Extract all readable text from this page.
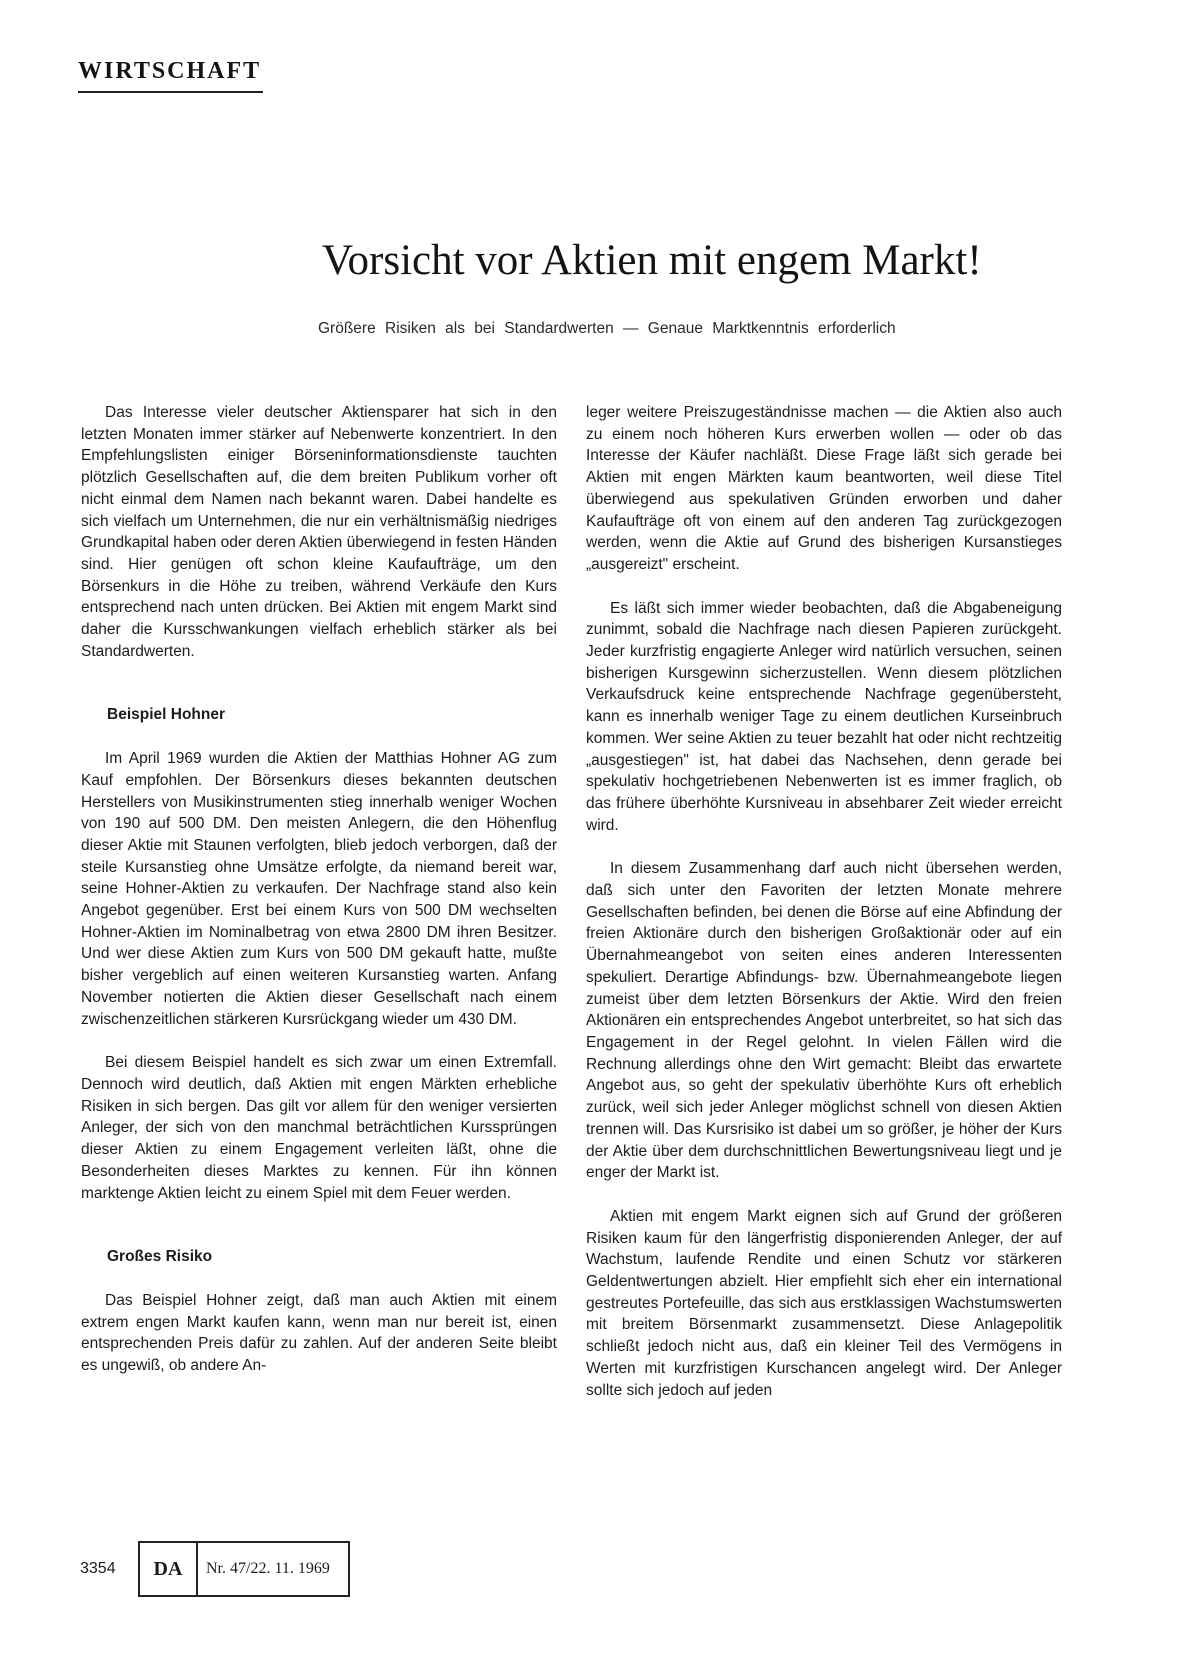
WIRTSCHAFT
Vorsicht vor Aktien mit engem Markt!
Größere Risiken als bei Standardwerten — Genaue Marktkenntnis erforderlich

Das Interesse vieler deutscher Aktiensparer hat sich in den letzten Monaten immer stärker auf Nebenwerte konzentriert. In den Empfehlungslisten einiger Börseninformationsdienste tauchten plötzlich Gesellschaften auf, die dem breiten Publikum vorher oft nicht einmal dem Namen nach bekannt waren. Dabei handelte es sich vielfach um Unternehmen, die nur ein verhältnismäßig niedriges Grundkapital haben oder deren Aktien überwiegend in festen Händen sind. Hier genügen oft schon kleine Kaufaufträge, um den Börsenkurs in die Höhe zu treiben, während Verkäufe den Kurs entsprechend nach unten drücken. Bei Aktien mit engem Markt sind daher die Kursschwankungen vielfach erheblich stärker als bei Standardwerten.

Beispiel Hohner

Im April 1969 wurden die Aktien der Matthias Hohner AG zum Kauf empfohlen. Der Börsenkurs dieses bekannten deutschen Herstellers von Musikinstrumenten stieg innerhalb weniger Wochen von 190 auf 500 DM. Den meisten Anlegern, die den Höhenflug dieser Aktie mit Staunen verfolgten, blieb jedoch verborgen, daß der steile Kursanstieg ohne Umsätze erfolgte, da niemand bereit war, seine Hohner-Aktien zu verkaufen. Der Nachfrage stand also kein Angebot gegenüber. Erst bei einem Kurs von 500 DM wechselten Hohner-Aktien im Nominalbetrag von etwa 2800 DM ihren Besitzer. Und wer diese Aktien zum Kurs von 500 DM gekauft hatte, mußte bisher vergeblich auf einen weiteren Kursanstieg warten. Anfang November notierten die Aktien dieser Gesellschaft nach einem zwischenzeitlichen stärkeren Kursrückgang wieder um 430 DM.

Bei diesem Beispiel handelt es sich zwar um einen Extremfall. Dennoch wird deutlich, daß Aktien mit engen Märkten erhebliche Risiken in sich bergen. Das gilt vor allem für den weniger versierten Anleger, der sich von den manchmal beträchtlichen Kurssprüngen dieser Aktien zu einem Engagement verleiten läßt, ohne die Besonderheiten dieses Marktes zu kennen. Für ihn können marktenge Aktien leicht zu einem Spiel mit dem Feuer werden.

Großes Risiko

Das Beispiel Hohner zeigt, daß man auch Aktien mit einem extrem engen Markt kaufen kann, wenn man nur bereit ist, einen entsprechenden Preis dafür zu zahlen. Auf der anderen Seite bleibt es ungewiß, ob andere An-

leger weitere Preiszugeständnisse machen — die Aktien also auch zu einem noch höheren Kurs erwerben wollen — oder ob das Interesse der Käufer nachläßt. Diese Frage läßt sich gerade bei Aktien mit engen Märkten kaum beantworten, weil diese Titel überwiegend aus spekulativen Gründen erworben und daher Kaufaufträge oft von einem auf den anderen Tag zurückgezogen werden, wenn die Aktie auf Grund des bisherigen Kursanstieges „ausgereizt" erscheint.

Es läßt sich immer wieder beobachten, daß die Abgabeneigung zunimmt, sobald die Nachfrage nach diesen Papieren zurückgeht. Jeder kurzfristig engagierte Anleger wird natürlich versuchen, seinen bisherigen Kursgewinn sicherzustellen. Wenn diesem plötzlichen Verkaufsdruck keine entsprechende Nachfrage gegenübersteht, kann es innerhalb weniger Tage zu einem deutlichen Kurseinbruch kommen. Wer seine Aktien zu teuer bezahlt hat oder nicht rechtzeitig „ausgestiegen" ist, hat dabei das Nachsehen, denn gerade bei spekulativ hochgetriebenen Nebenwerten ist es immer fraglich, ob das frühere überhöhte Kursniveau in absehbarer Zeit wieder erreicht wird.

In diesem Zusammenhang darf auch nicht übersehen werden, daß sich unter den Favoriten der letzten Monate mehrere Gesellschaften befinden, bei denen die Börse auf eine Abfindung der freien Aktionäre durch den bisherigen Großaktionär oder auf ein Übernahmeangebot von seiten eines anderen Interessenten spekuliert. Derartige Abfindungs- bzw. Übernahmeangebote liegen zumeist über dem letzten Börsenkurs der Aktie. Wird den freien Aktionären ein entsprechendes Angebot unterbreitet, so hat sich das Engagement in der Regel gelohnt. In vielen Fällen wird die Rechnung allerdings ohne den Wirt gemacht: Bleibt das erwartete Angebot aus, so geht der spekulativ überhöhte Kurs oft erheblich zurück, weil sich jeder Anleger möglichst schnell von diesen Aktien trennen will. Das Kursrisiko ist dabei um so größer, je höher der Kurs der Aktie über dem durchschnittlichen Bewertungsniveau liegt und je enger der Markt ist.

Aktien mit engem Markt eignen sich auf Grund der größeren Risiken kaum für den längerfristig disponierenden Anleger, der auf Wachstum, laufende Rendite und einen Schutz vor stärkeren Geldentwertungen abzielt. Hier empfiehlt sich eher ein international gestreutes Portefeuille, das sich aus erstklassigen Wachstumswerten mit breitem Börsenmarkt zusammensetzt. Diese Anlagepolitik schließt jedoch nicht aus, daß ein kleiner Teil des Vermögens in Werten mit kurzfristigen Kurschancen angelegt wird. Der Anleger sollte sich jedoch auf jeden

3354	DA	Nr. 47/22. 11. 1969
